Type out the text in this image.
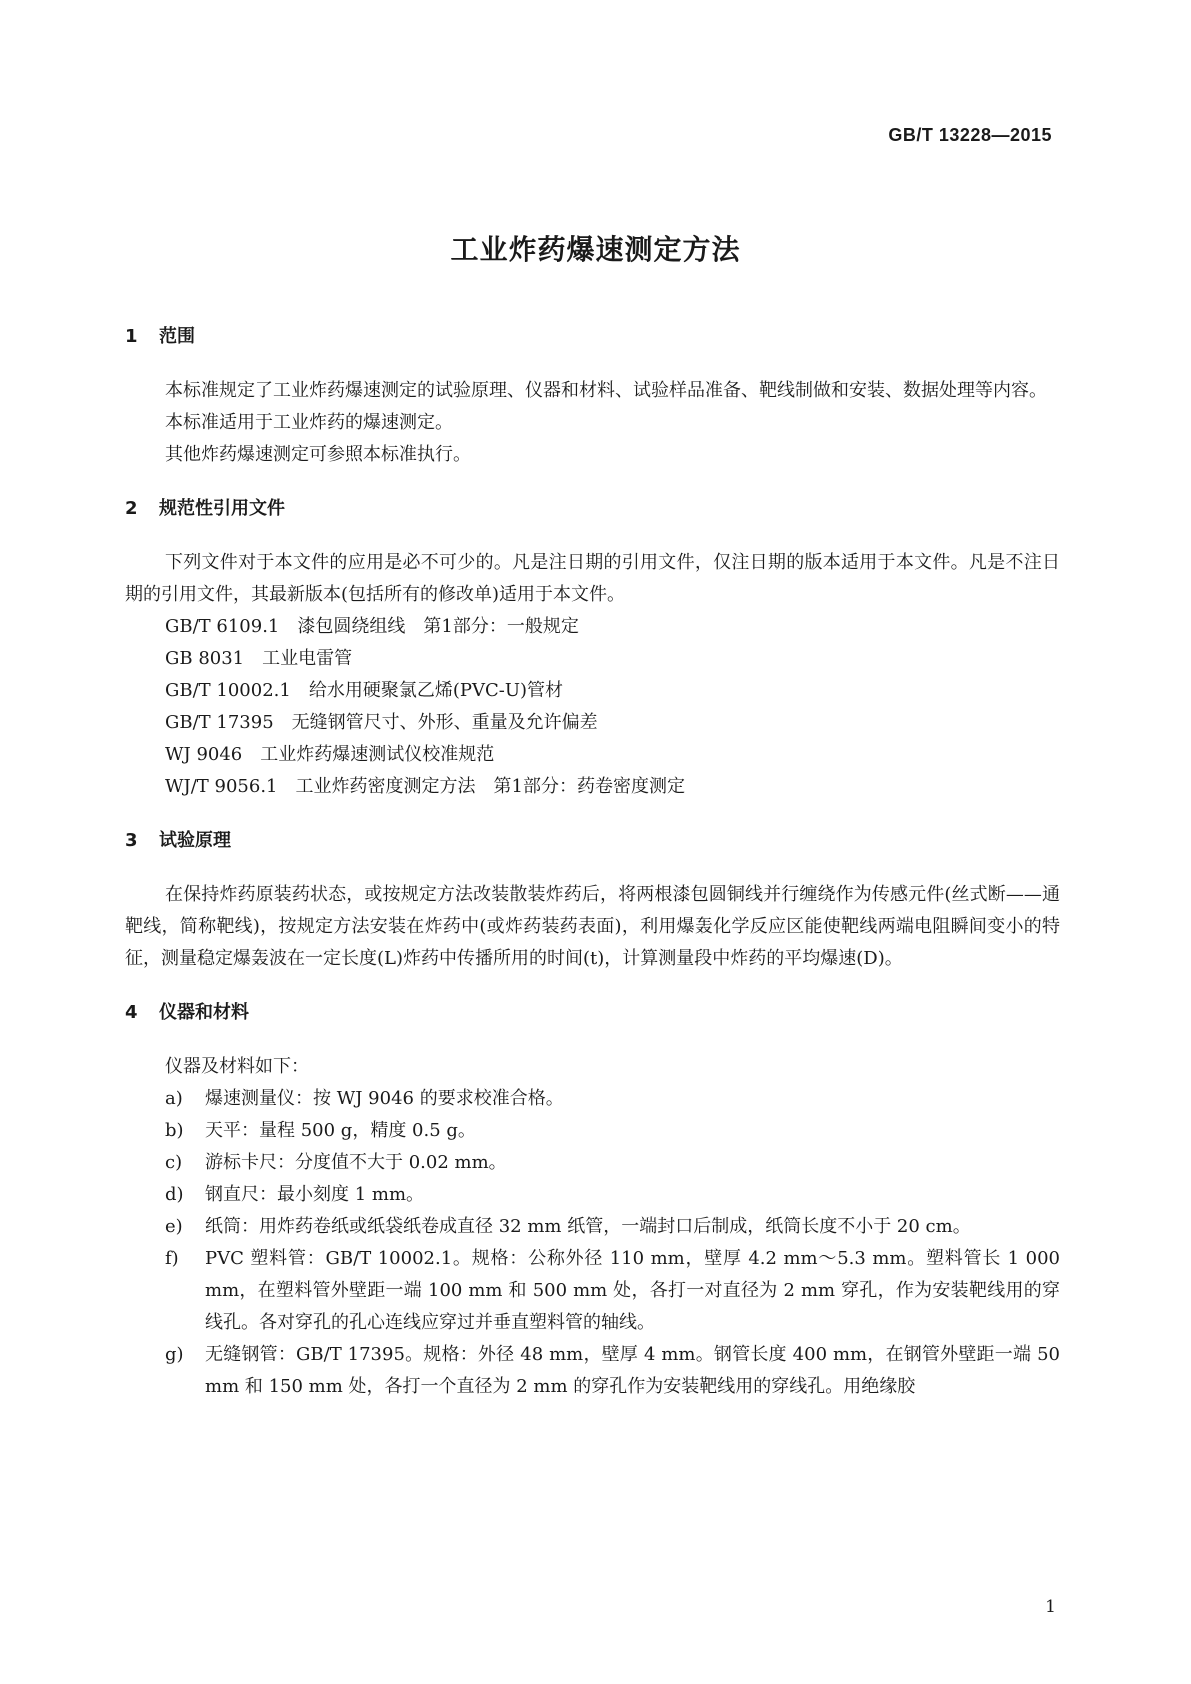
GB/T 13228—2015
工业炸药爆速测定方法
1 范围

本标准规定了工业炸药爆速测定的试验原理、仪器和材料、试验样品准备、靶线制做和安装、数据处理等内容。

本标准适用于工业炸药的爆速测定。

其他炸药爆速测定可参照本标准执行。

2 规范性引用文件

下列文件对于本文件的应用是必不可少的。凡是注日期的引用文件，仅注日期的版本适用于本文件。凡是不注日期的引用文件，其最新版本(包括所有的修改单)适用于本文件。

GB/T 6109.1 漆包圆绕组线　第1部分：一般规定

GB 8031 工业电雷管

GB/T 10002.1 给水用硬聚氯乙烯(PVC-U)管材

GB/T 17395 无缝钢管尺寸、外形、重量及允许偏差

WJ 9046 工业炸药爆速测试仪校准规范

WJ/T 9056.1 工业炸药密度测定方法　第1部分：药卷密度测定

3 试验原理

在保持炸药原装药状态，或按规定方法改装散装炸药后，将两根漆包圆铜线并行缠绕作为传感元件(丝式断——通靶线，简称靶线)，按规定方法安装在炸药中(或炸药装药表面)，利用爆轰化学反应区能使靶线两端电阻瞬间变小的特征，测量稳定爆轰波在一定长度(L)炸药中传播所用的时间(t)，计算测量段中炸药的平均爆速(D)。

4 仪器和材料

仪器及材料如下：

a) 爆速测量仪：按 WJ 9046 的要求校准合格。

b) 天平：量程 500 g，精度 0.5 g。

c) 游标卡尺：分度值不大于 0.02 mm。

d) 钢直尺：最小刻度 1 mm。

e) 纸筒：用炸药卷纸或纸袋纸卷成直径 32 mm 纸管，一端封口后制成，纸筒长度不小于 20 cm。

f) PVC 塑料管：GB/T 10002.1。规格：公称外径 110 mm，壁厚 4.2 mm～5.3 mm。塑料管长 1 000 mm，在塑料管外壁距一端 100 mm 和 500 mm 处，各打一对直径为 2 mm 穿孔，作为安装靶线用的穿线孔。各对穿孔的孔心连线应穿过并垂直塑料管的轴线。

g) 无缝钢管：GB/T 17395。规格：外径 48 mm，壁厚 4 mm。钢管长度 400 mm，在钢管外壁距一端 50 mm 和 150 mm 处，各打一个直径为 2 mm 的穿孔作为安装靶线用的穿线孔。用绝缘胶

1
